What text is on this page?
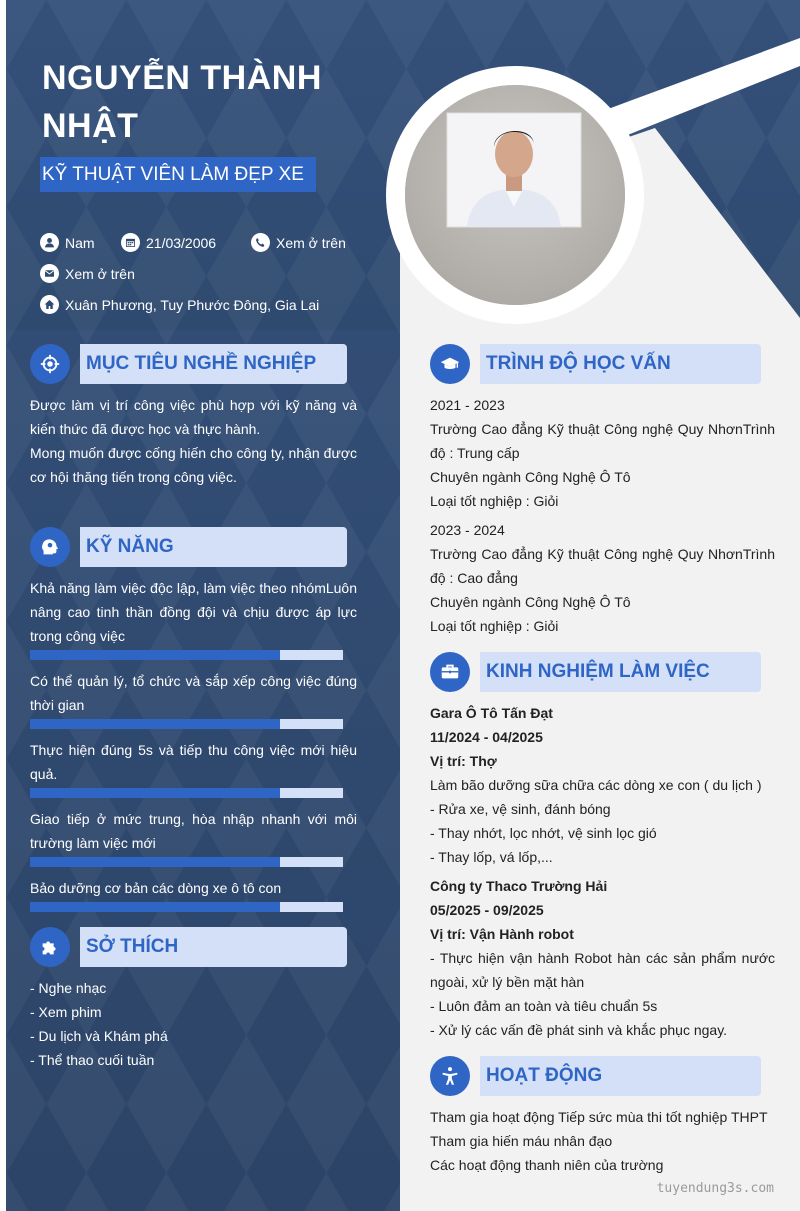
NGUYỄN THÀNH NHẬT
KỸ THUẬT VIÊN LÀM ĐẸP XE
Nam	21/03/2006	Xem ở trên
Xem ở trên
Xuân Phương, Tuy Phước Đông, Gia Lai
MỤC TIÊU NGHỀ NGHIỆP
Được làm vị trí công việc phù hợp với kỹ năng và kiến thức đã được học và thực hành.
Mong muốn được cống hiến cho công ty, nhận được cơ hội thăng tiến trong công việc.
KỸ NĂNG
Khả năng làm việc độc lập, làm việc theo nhómLuôn nâng cao tinh thần đồng đội và chịu được áp lực trong công việc
Có thể quản lý, tổ chức và sắp xếp công việc đúng thời gian
Thực hiện đúng 5s và tiếp thu công việc mới hiệu quả.
Giao tiếp ở mức trung, hòa nhập nhanh với môi trường làm việc mới
Bảo dưỡng cơ bản các dòng xe ô tô con
SỞ THÍCH
- Nghe nhạc
- Xem phim
- Du lịch và Khám phá
- Thể thao cuối tuần
TRÌNH ĐỘ HỌC VẤN
2021 - 2023
Trường Cao đẳng Kỹ thuật Công nghệ Quy NhơnTrình độ : Trung cấp
Chuyên ngành Công Nghệ Ô Tô
Loại tốt nghiệp : Giỏi
2023 - 2024
Trường Cao đẳng Kỹ thuật Công nghệ Quy NhơnTrình độ : Cao đẳng
Chuyên ngành Công Nghệ Ô Tô
Loại tốt nghiệp : Giỏi
KINH NGHIỆM LÀM VIỆC
Gara Ô Tô Tấn Đạt
11/2024 - 04/2025
Vị trí: Thợ
Làm bão dưỡng sữa chữa các dòng xe con ( du lịch )
- Rửa xe, vệ sinh, đánh bóng
- Thay nhớt, lọc nhớt, vệ sinh lọc gió
- Thay lốp, vá lốp,...
Công ty Thaco Trường Hải
05/2025 - 09/2025
Vị trí: Vận Hành robot
- Thực hiện vận hành Robot hàn các sản phẩm nước ngoài, xử lý bền mặt hàn
- Luôn đảm an toàn và tiêu chuẩn 5s
- Xử lý các vấn đề phát sinh và khắc phục ngay.
HOẠT ĐỘNG
Tham gia hoạt động Tiếp sức mùa thi tốt nghiệp THPT
Tham gia hiến máu nhân đạo
Các hoạt động thanh niên của trường
tuyendung3s.com
